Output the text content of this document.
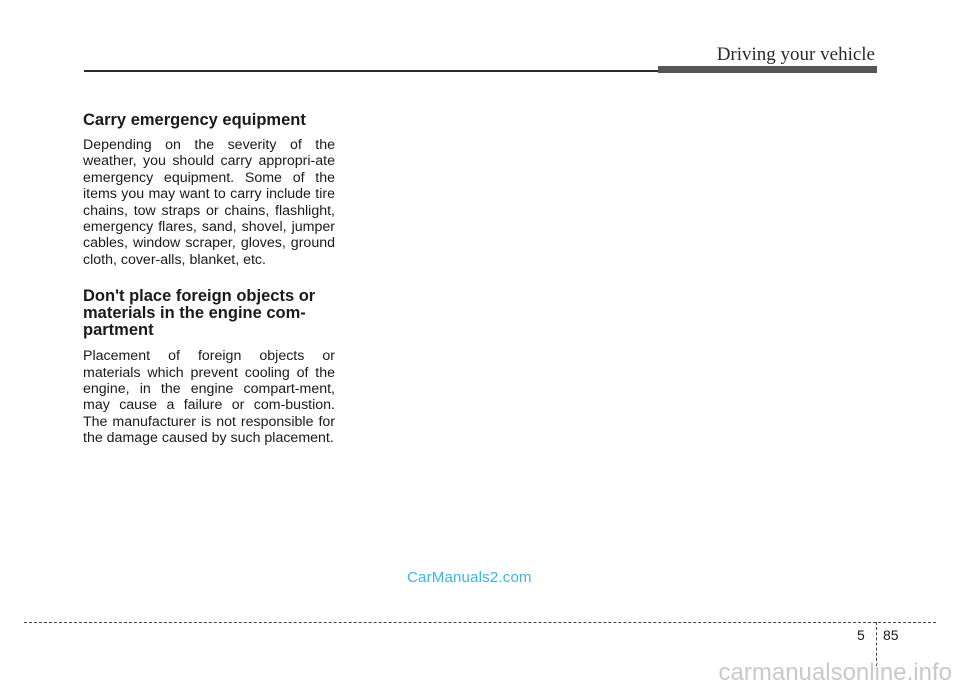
Driving your vehicle
Carry emergency equipment

Depending on the severity of the weather, you should carry appropri-ate emergency equipment. Some of the items you may want to carry include tire chains, tow straps or chains, flashlight, emergency flares, sand, shovel, jumper cables, window scraper, gloves, ground cloth, cover-alls, blanket, etc.

Don't place foreign objects or
materials in the engine com-
partment

Placement of foreign objects or materials which prevent cooling of the engine, in the engine compart-ment, may cause a failure or com-bustion. The manufacturer is not responsible for the damage caused by such placement.

CarManuals2.com
5 85
carmanualsonline.info
